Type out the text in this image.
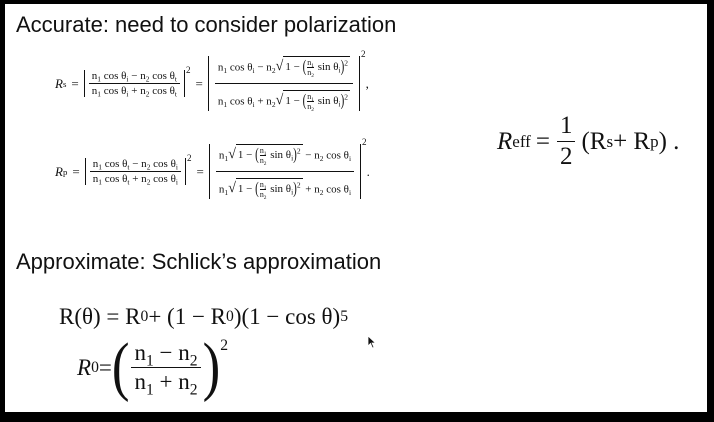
Accurate: need to consider polarization
R $s = \frac{n_1 \cos \theta_i - n_2 \cos \theta_t}{n_1 \cos \theta_i + n_2 \cos \theta_t}$
2
= $\frac{n_1 \cos \theta_i - n_2 √ 1 - ( \frac{n_1}{n_2} \sin \theta_i)^2}{n_1 \cos \theta_i + n_2 √ 1 - ( \frac{n_1}{n_2} \sin \theta_i)^2}$
2
,
R $p = \frac{n_1 \cos \theta_t - n_2 \cos \theta_i}{n_1 \cos \theta_t + n_2 \cos \theta_i}$
2
= $\frac{n_1 √ 1 - ( \frac{n_1}{n_2} \sin \theta_i)^2 - n_2 \cos \theta_i}{n_1 √ 1 - ( \frac{n_1}{n_2} \sin \theta_i)^2 + n_2 \cos \theta_i}$
2
.
R eff = $\frac{1}{2} (R$ s + R p ) .
Approximate: Schlick’s approximation
R(θ) = R 0 + (1 − R 0 )(1 − cos θ) 5
R 0 = ( $\frac{n_1 - n_2}{n_1 + n_2} )^2$
